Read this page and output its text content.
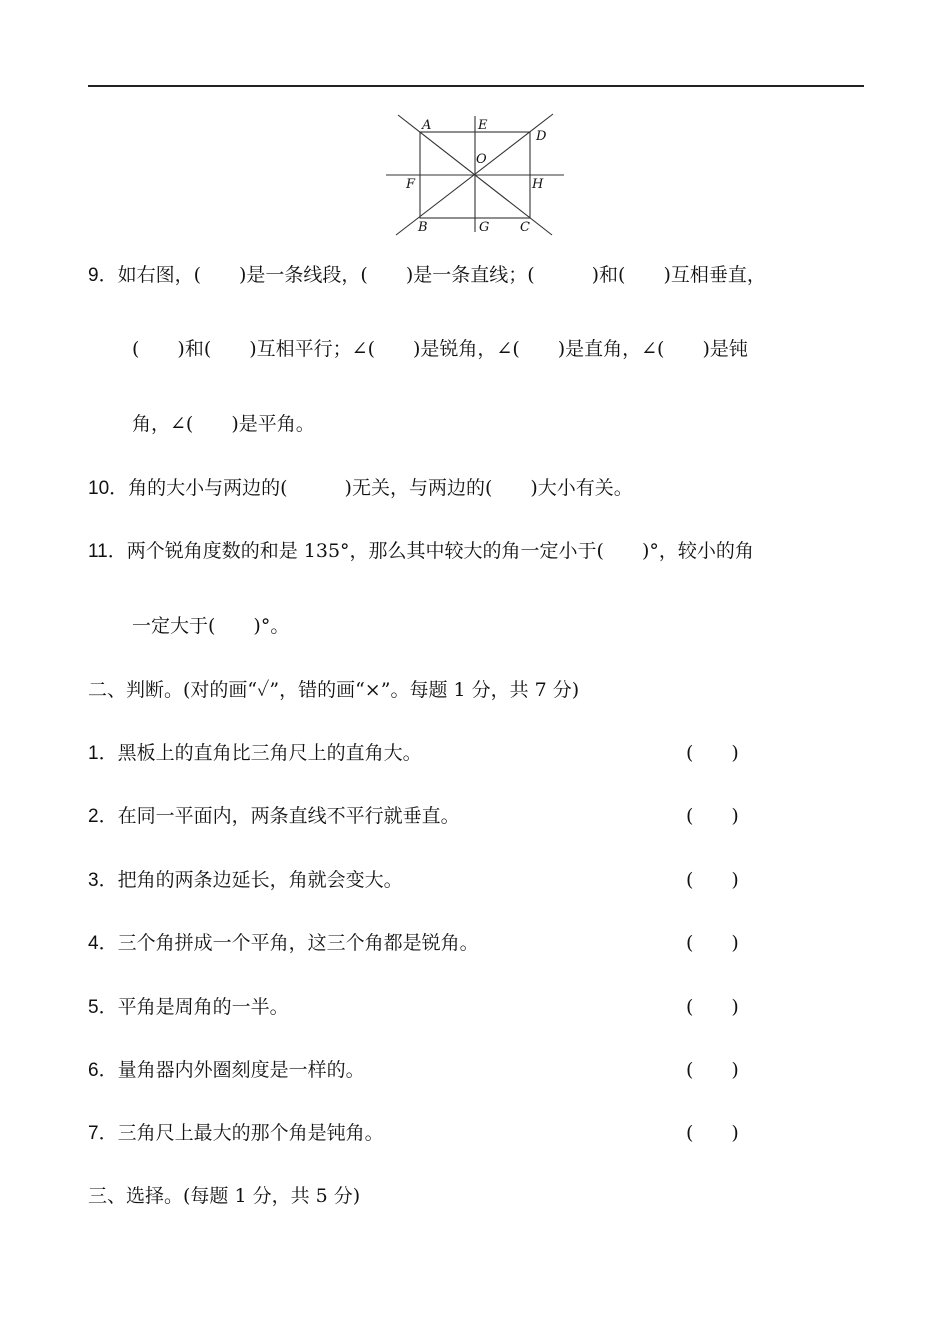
A	E
D
O
F	H
B	G C
9．如右图，(　　)是一条线段，(　　)是一条直线；(　　　)和(　　)互相垂直，
(　　)和(　　)互相平行；∠(　　)是锐角，∠(　　)是直角，∠(　　)是钝
角，∠(　　)是平角。
10．角的大小与两边的(　　　)无关，与两边的(　　)大小有关。
11．两个锐角度数的和是 135°，那么其中较大的角一定小于(　　)°，较小的角
一定大于(　　)°。
二、判断。(对的画“✓”，错的画“×”。每题 1 分，共 7 分)
1．黑板上的直角比三角尺上的直角大。	(　　)
2．在同一平面内，两条直线不平行就垂直。	(　　)
3．把角的两条边延长，角就会变大。	(　　)
4．三个角拼成一个平角，这三个角都是锐角。	(　　)
5．平角是周角的一半。	(　　)
6．量角器内外圈刻度是一样的。	(　　)
7．三角尺上最大的那个角是钝角。	(　　)
三、选择。(每题 1 分，共 5 分)
